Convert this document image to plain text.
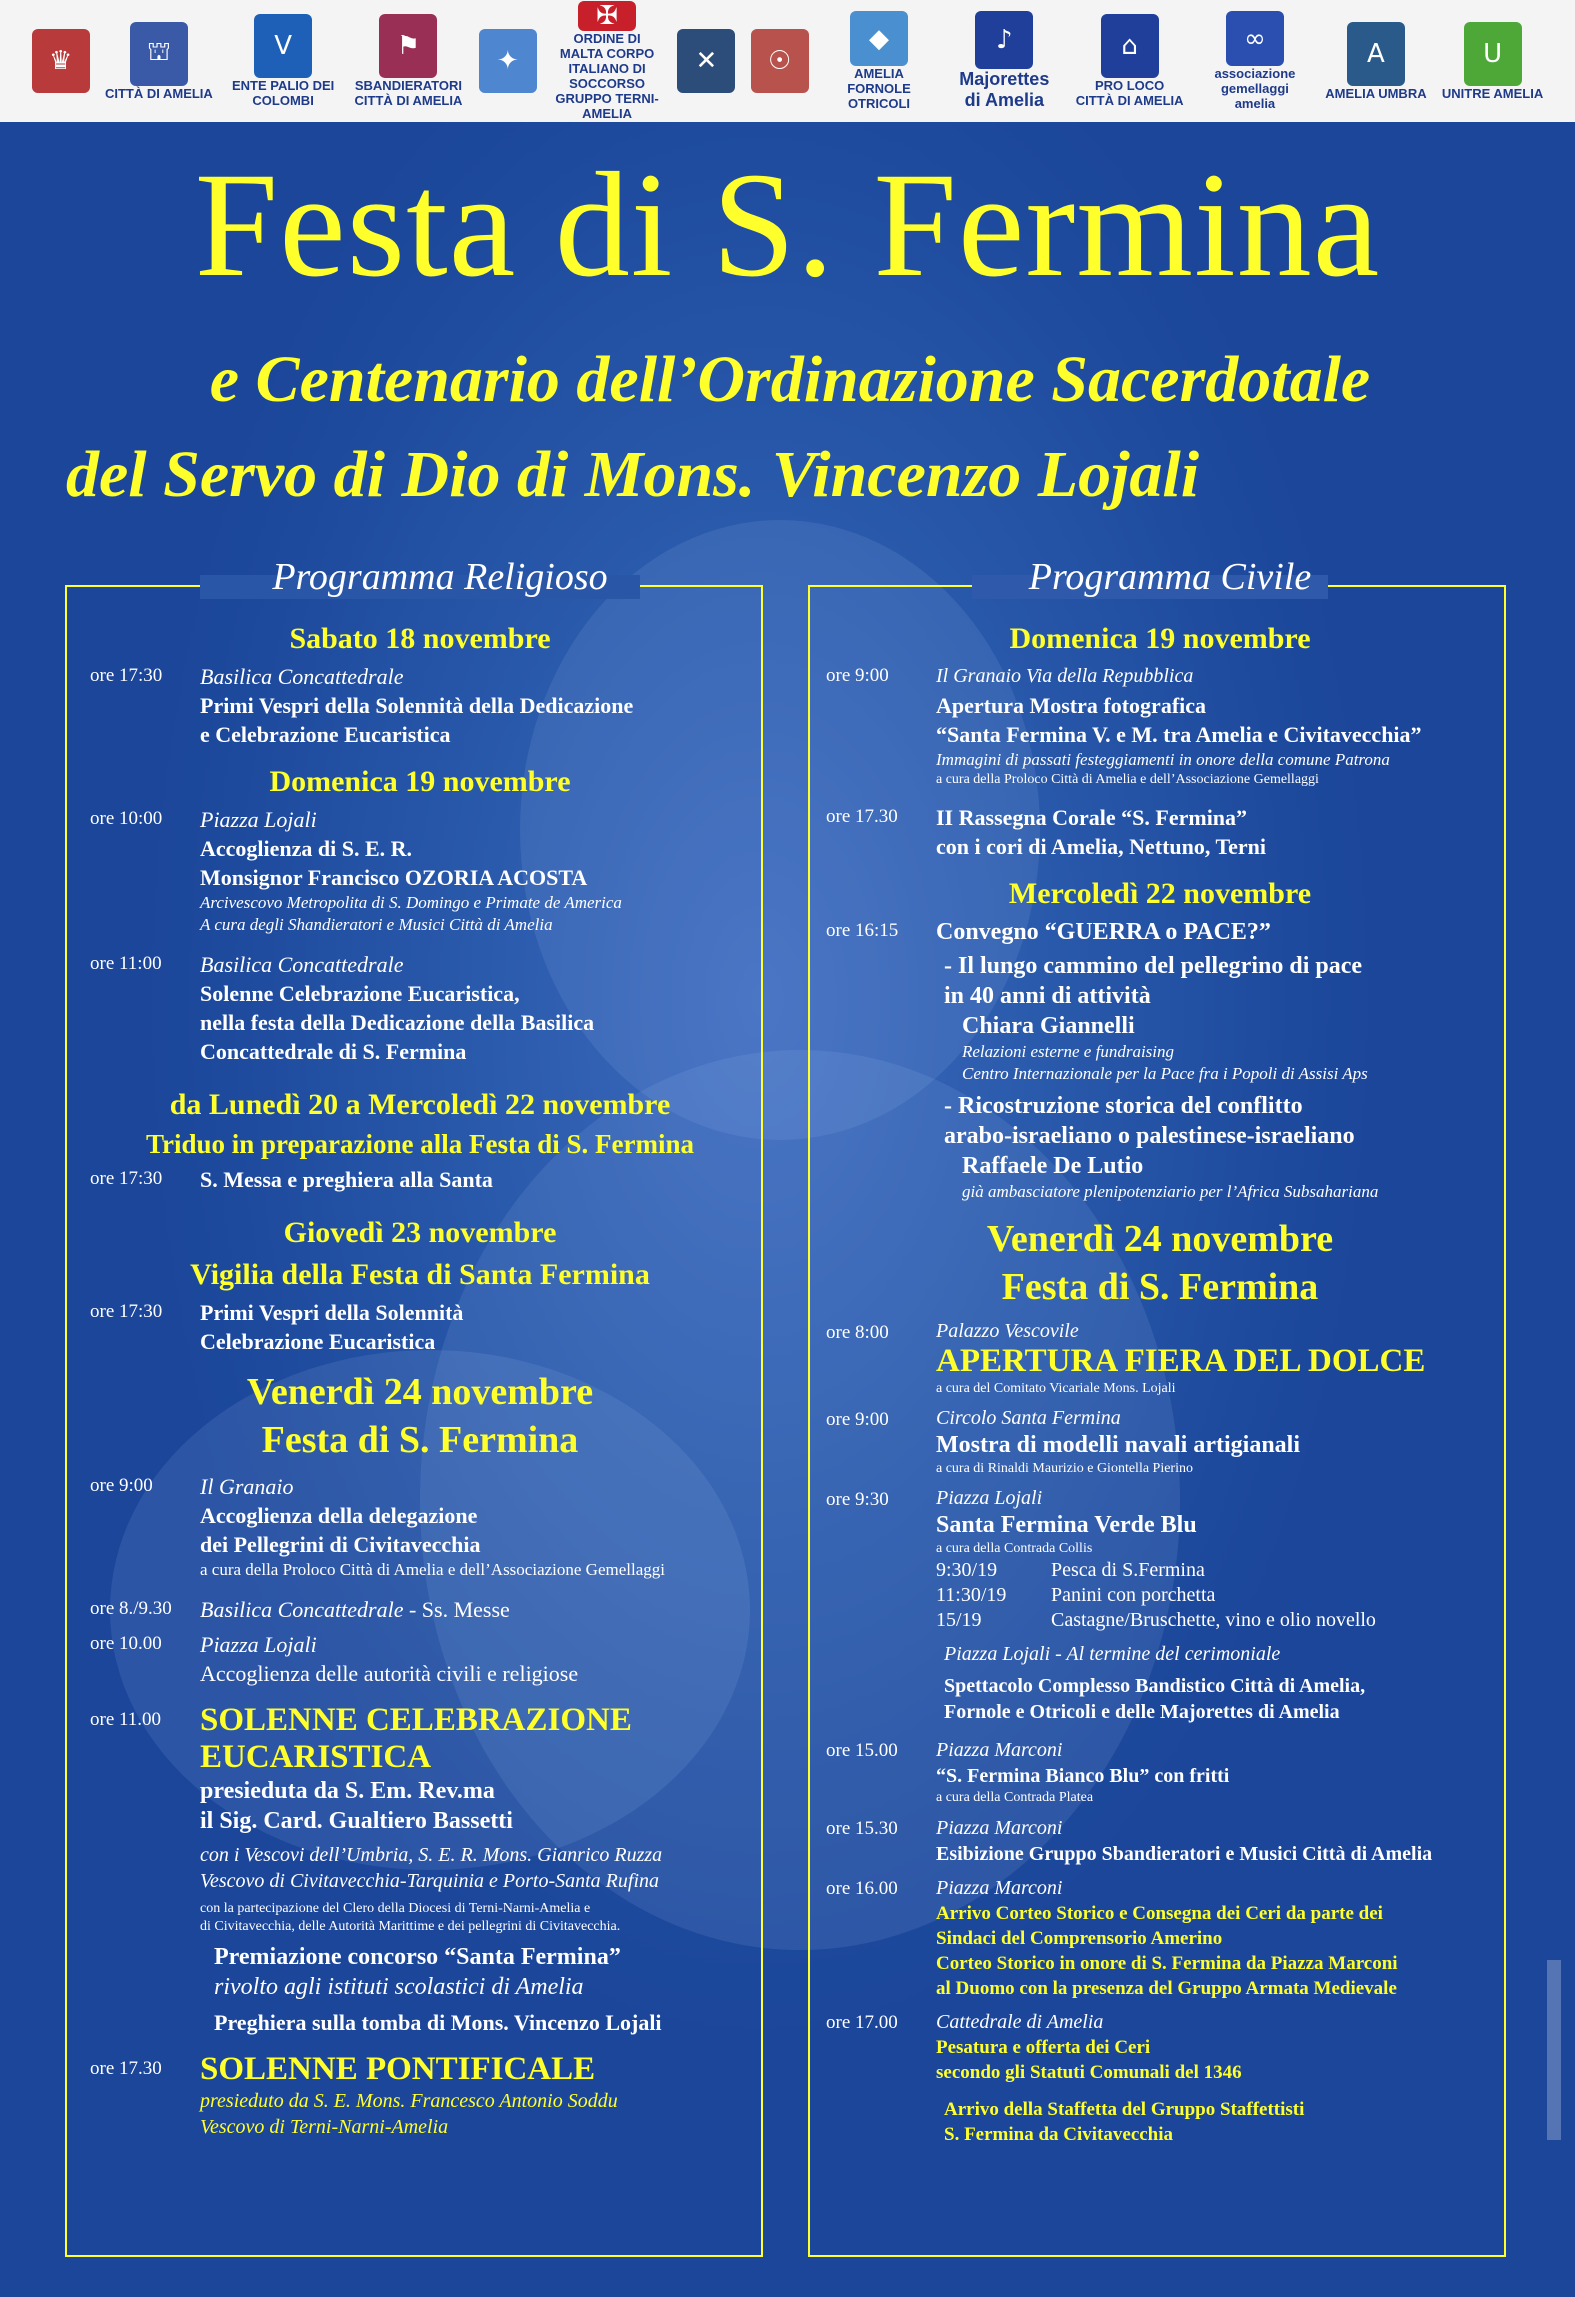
♛	⛫
CITTÀ DI AMELIA
V
ENTE PALIO DEI COLOMBI
⚑
SBANDIERATORI CITTÀ DI AMELIA
✦
✠
ORDINE DI MALTA CORPO ITALIANO DI SOCCORSO GRUPPO TERNI-AMELIA
✕	☉
◆
AMELIA FORNOLE OTRICOLI
♪
Majorettes di Amelia
⌂
PRO LOCO CITTÀ DI AMELIA
∞
associazione gemellaggi amelia
A
AMELIA UMBRA
U
UNITRE AMELIA
Festa di S. Fermina
e Centenario dell’Ordinazione Sacerdotale
del Servo di Dio di Mons. Vincenzo Lojali
Programma Religioso	Programma Civile
Sabato 18 novembre
ore 17:30	Basilica Concattedrale
Primi Vespri della Solennità della Dedicazione
e Celebrazione Eucaristica
Domenica 19 novembre
ore 10:00	Piazza Lojali
Accoglienza di S. E. R.
Monsignor Francisco OZORIA ACOSTA
Arcivescovo Metropolita di S. Domingo e Primate de America
A cura degli Shandieratori e Musici Città di Amelia
ore 11:00	Basilica Concattedrale
Solenne Celebrazione Eucaristica,
nella festa della Dedicazione della Basilica
Concattedrale di S. Fermina
da Lunedì 20 a Mercoledì 22 novembre
Triduo in preparazione alla Festa di S. Fermina
ore 17:30	S. Messa e preghiera alla Santa
Giovedì 23 novembre
Vigilia della Festa di Santa Fermina
ore 17:30	Primi Vespri della Solennità
Celebrazione Eucaristica
Venerdì 24 novembre
Festa di S. Fermina
ore 9:00	Il Granaio
Accoglienza della delegazione
dei Pellegrini di Civitavecchia
a cura della Proloco Città di Amelia e dell’Associazione Gemellaggi
ore 8./9.30	Basilica Concattedrale - Ss. Messe
ore 10.00	Piazza Lojali
Accoglienza delle autorità civili e religiose
ore 11.00	SOLENNE CELEBRAZIONE
EUCARISTICA
presieduta da S. Em. Rev.ma
il Sig. Card. Gualtiero Bassetti
con i Vescovi dell’Umbria, S. E. R. Mons. Gianrico Ruzza
Vescovo di Civitavecchia-Tarquinia e Porto-Santa Rufina
con la partecipazione del Clero della Diocesi di Terni-Narni-Amelia e
di Civitavecchia, delle Autorità Marittime e dei pellegrini di Civitavecchia.
Premiazione concorso “Santa Fermina”
rivolto agli istituti scolastici di Amelia
Preghiera sulla tomba di Mons. Vincenzo Lojali
ore 17.30	SOLENNE PONTIFICALE
presieduto da S. E. Mons. Francesco Antonio Soddu
Vescovo di Terni-Narni-Amelia
Domenica 19 novembre
ore 9:00	Il Granaio Via della Repubblica
Apertura Mostra fotografica
“Santa Fermina V. e M. tra Amelia e Civitavecchia”
Immagini di passati festeggiamenti in onore della comune Patrona
a cura della Proloco Città di Amelia e dell’Associazione Gemellaggi
ore 17.30	II Rassegna Corale “S. Fermina”
con i cori di Amelia, Nettuno, Terni
Mercoledì 22 novembre
ore 16:15	Convegno “GUERRA o PACE?”
- Il lungo cammino del pellegrino di pace
in 40 anni di attività
Chiara Giannelli
Relazioni esterne e fundraising
Centro Internazionale per la Pace fra i Popoli di Assisi Aps
- Ricostruzione storica del conflitto
arabo-israeliano o palestinese-israeliano
Raffaele De Lutio
già ambasciatore plenipotenziario per l’Africa Subsahariana
Venerdì 24 novembre
Festa di S. Fermina
ore 8:00	Palazzo Vescovile
APERTURA FIERA DEL DOLCE
a cura del Comitato Vicariale Mons. Lojali
ore 9:00	Circolo Santa Fermina
Mostra di modelli navali artigianali
a cura di Rinaldi Maurizio e Giontella Pierino
ore 9:30	Piazza Lojali
Santa Fermina Verde Blu
a cura della Contrada Collis
9:30/19	Pesca di S.Fermina
11:30/19	Panini con porchetta
15/19	Castagne/Bruschette, vino e olio novello
Piazza Lojali - Al termine del cerimoniale
Spettacolo Complesso Bandistico Città di Amelia,
Fornole e Otricoli e delle Majorettes di Amelia
ore 15.00	Piazza Marconi
“S. Fermina Bianco Blu” con fritti
a cura della Contrada Platea
ore 15.30	Piazza Marconi
Esibizione Gruppo Sbandieratori e Musici Città di Amelia
ore 16.00	Piazza Marconi
Arrivo Corteo Storico e Consegna dei Ceri da parte dei
Sindaci del Comprensorio Amerino
Corteo Storico in onore di S. Fermina da Piazza Marconi
al Duomo con la presenza del Gruppo Armata Medievale
ore 17.00	Cattedrale di Amelia
Pesatura e offerta dei Ceri
secondo gli Statuti Comunali del 1346
Arrivo della Staffetta del Gruppo Staffettisti
S. Fermina da Civitavecchia
